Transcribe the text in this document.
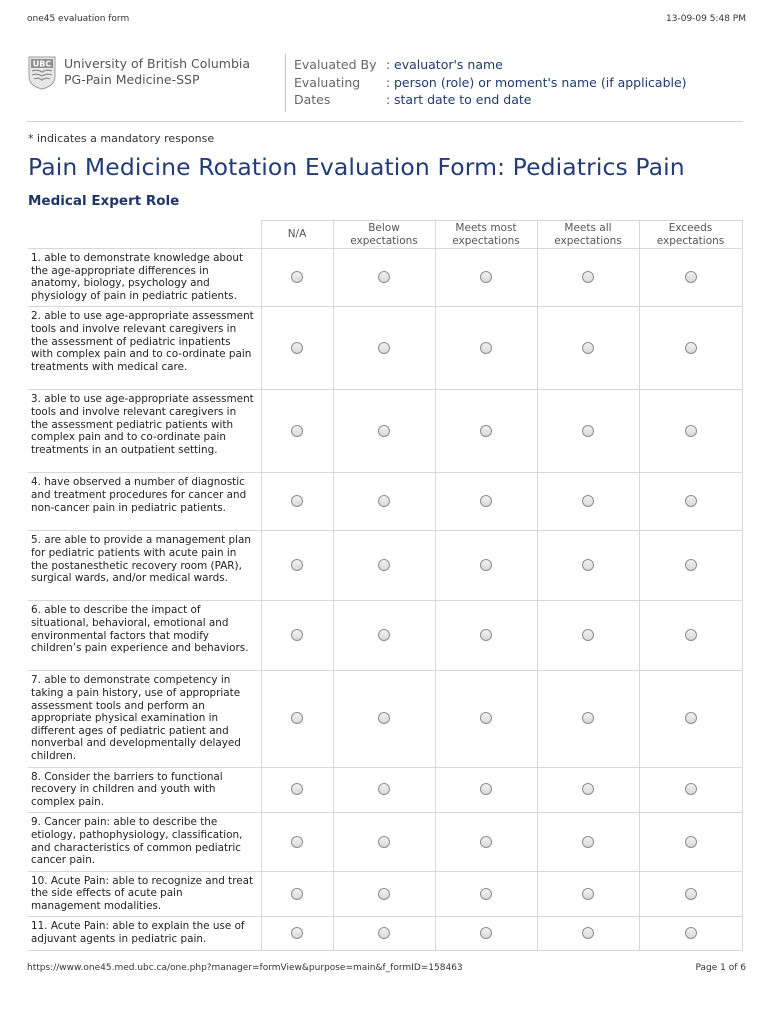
one45 evaluation form	13-09-09 5:48 PM
UBC University of British Columbia
PG-Pain Medicine-SSP
Evaluated By : evaluator's name
Evaluating : person (role) or moment's name (if applicable)
Dates	: start date to end date
* indicates a mandatory response
Pain Medicine Rotation Evaluation Form: Pediatrics Pain
Medical Expert Role
	N/A	Below expectations	Meets most expectations	Meets all expectations	Exceeds expectations
1. able to demonstrate knowledge about the age-appropriate differences in anatomy, biology, psychology and physiology of pain in pediatric patients.					
2. able to use age-appropriate assessment tools and involve relevant caregivers in the assessment of pediatric inpatients with complex pain and to co-ordinate pain treatments with medical care.					
3. able to use age-appropriate assessment tools and involve relevant caregivers in the assessment pediatric patients with complex pain and to co-ordinate pain treatments in an outpatient setting.					
4. have observed a number of diagnostic and treatment procedures for cancer and non-cancer pain in pediatric patients.					
5. are able to provide a management plan for pediatric patients with acute pain in the postanesthetic recovery room (PAR), surgical wards, and/or medical wards.					
6. able to describe the impact of situational, behavioral, emotional and environmental factors that modify children’s pain experience and behaviors.					
7. able to demonstrate competency in taking a pain history, use of appropriate assessment tools and perform an appropriate physical examination in different ages of pediatric patient and nonverbal and developmentally delayed children.					
8. Consider the barriers to functional recovery in children and youth with complex pain.					
9. Cancer pain: able to describe the etiology, pathophysiology, classification, and characteristics of common pediatric cancer pain.					
10. Acute Pain: able to recognize and treat the side effects of acute pain management modalities.					
11. Acute Pain: able to explain the use of adjuvant agents in pediatric pain.					
https://www.one45.med.ubc.ca/one.php?manager=formView&purpose=main&f_formID=158463	Page 1 of 6
